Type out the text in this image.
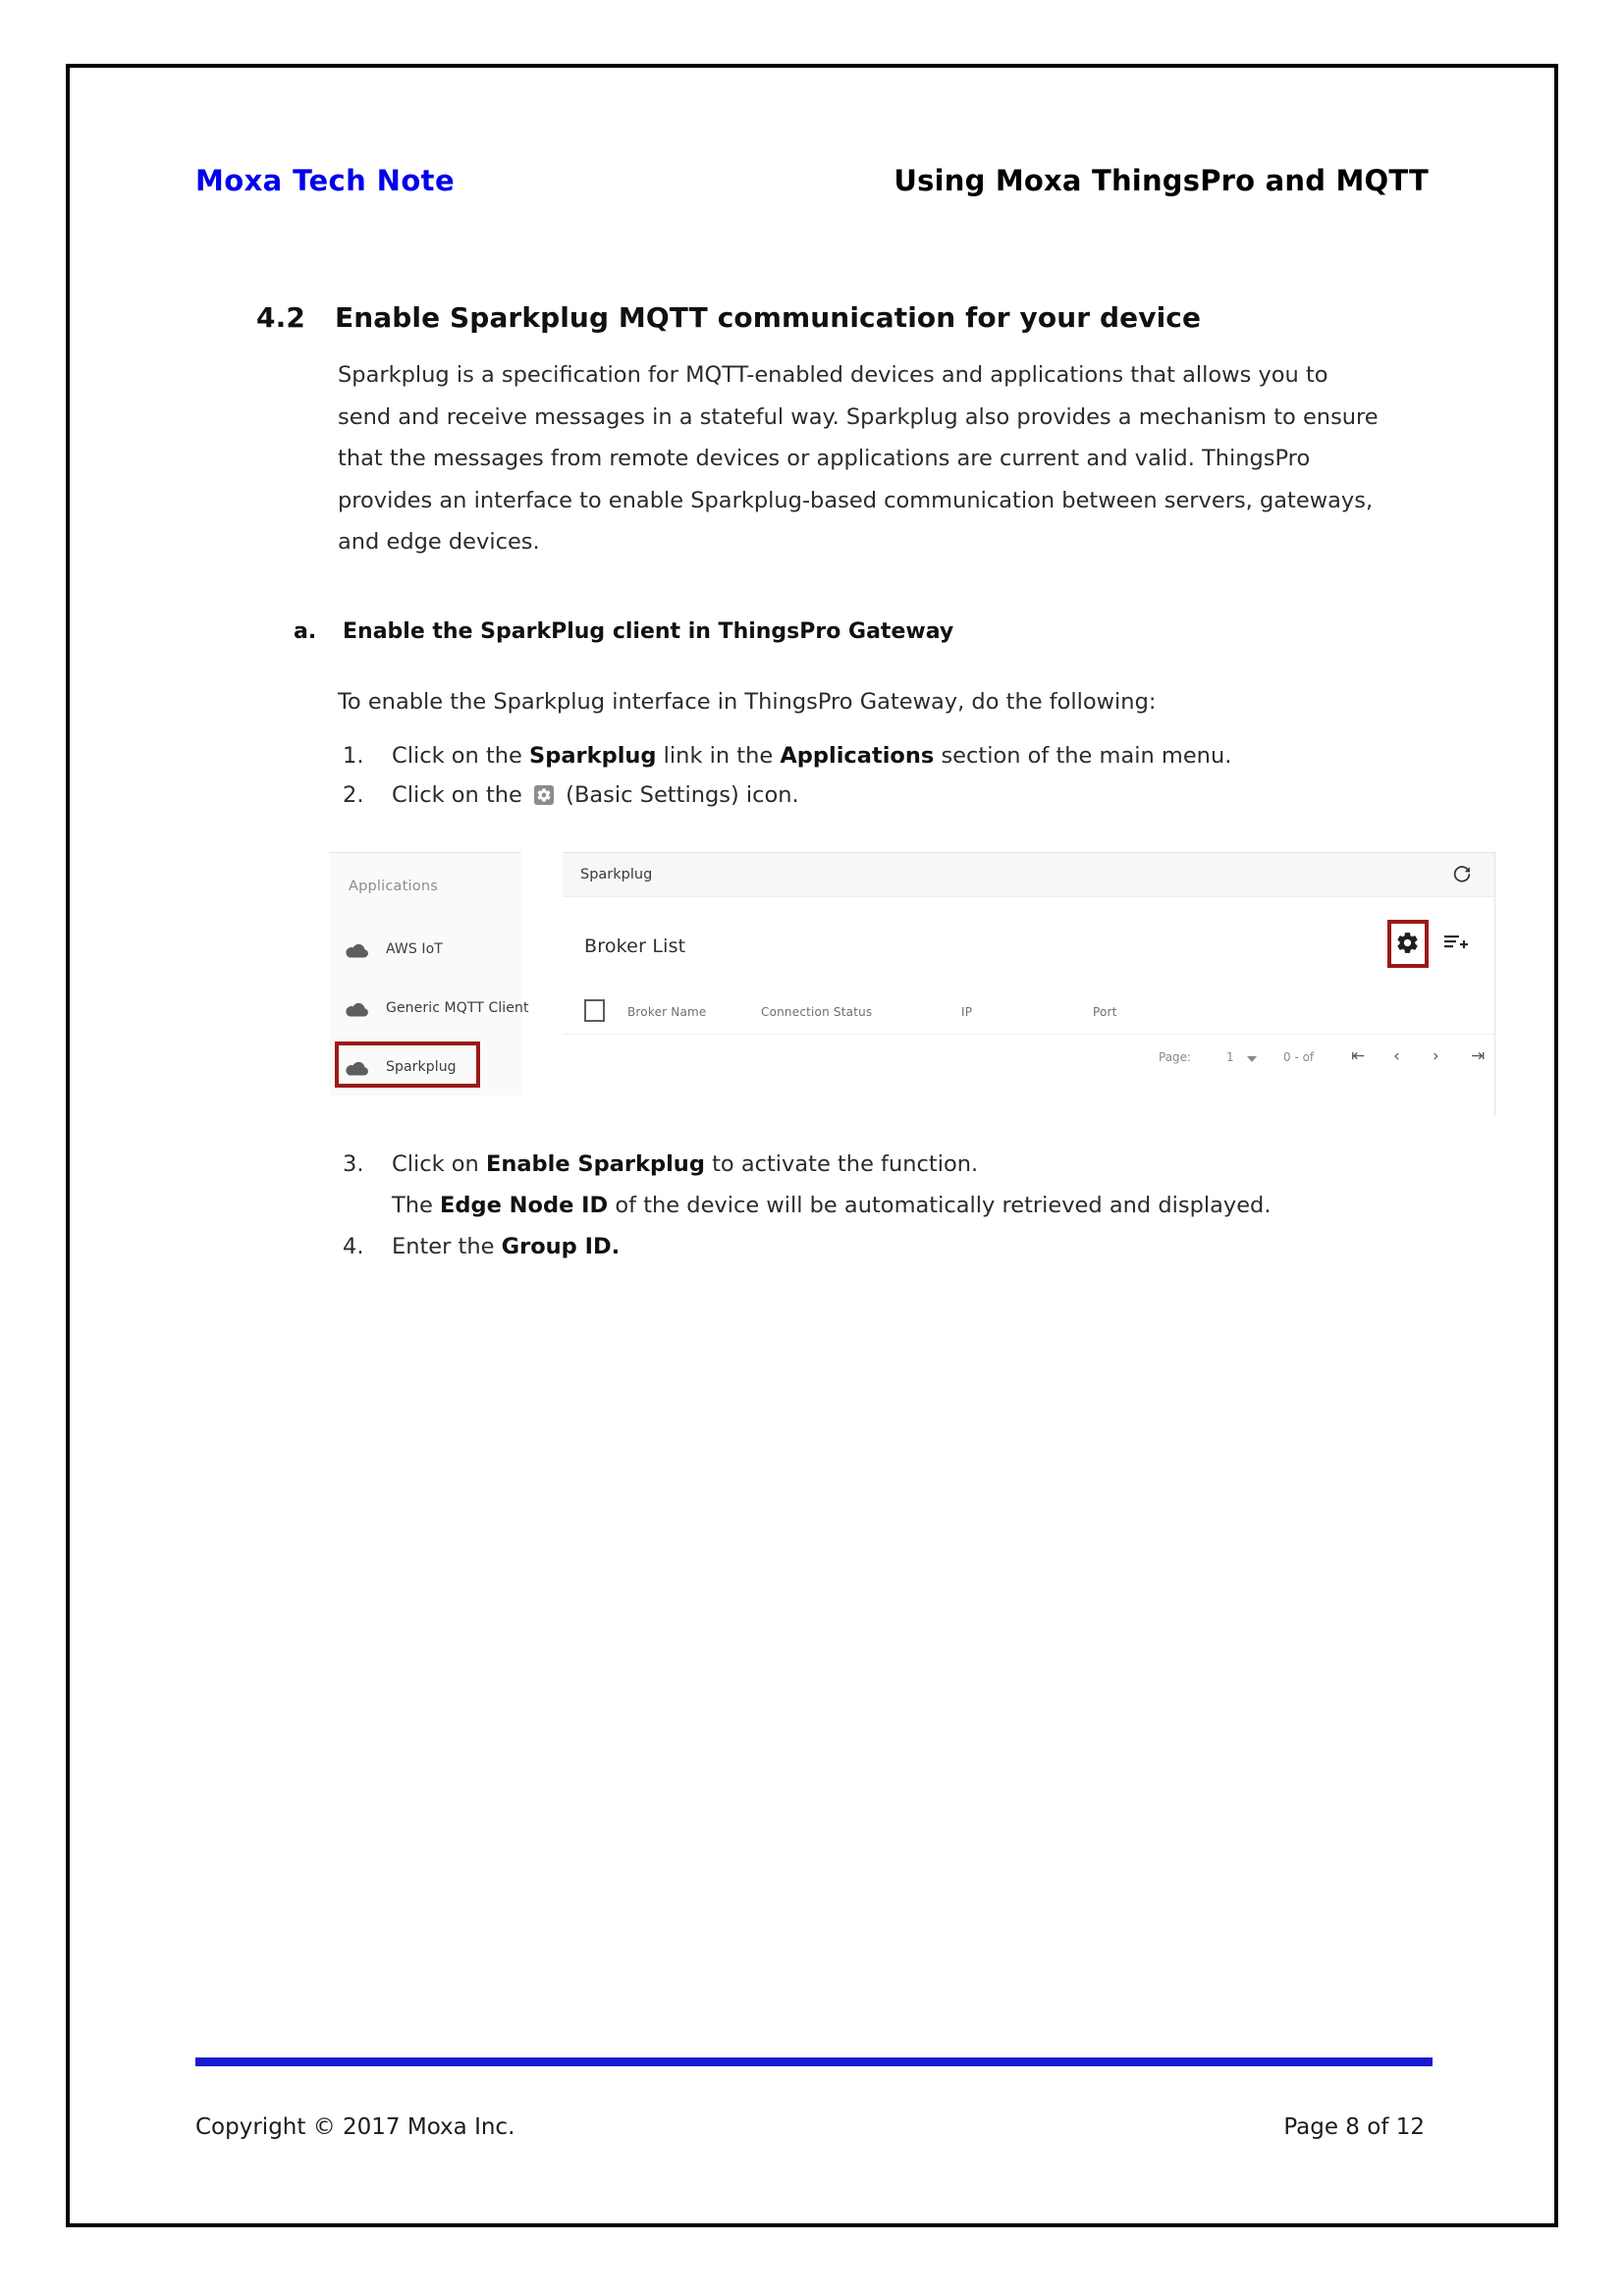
Moxa Tech Note	Using Moxa ThingsPro and MQTT
4.2 Enable Sparkplug MQTT communication for your device
Sparkplug is a specification for MQTT-enabled devices and applications that allows you to send and receive messages in a stateful way. Sparkplug also provides a mechanism to ensure that the messages from remote devices or applications are current and valid. ThingsPro provides an interface to enable Sparkplug-based communication between servers, gateways, and edge devices.
a. Enable the SparkPlug client in ThingsPro Gateway
To enable the Sparkplug interface in ThingsPro Gateway, do the following:
1. Click on the Sparkplug link in the Applications section of the main menu.
2. Click on the
(Basic Settings) icon.
Applications
AWS IoT
Generic MQTT Client
Sparkplug
Sparkplug
Broker List
Broker Name	Connection Status	IP	Port
Page:	1	0 - of ⇤ ‹ › ⇥
3. Click on Enable Sparkplug to activate the function.
The Edge Node ID of the device will be automatically retrieved and displayed.
4. Enter the Group ID.
Copyright © 2017 Moxa Inc.	Page 8 of 12
